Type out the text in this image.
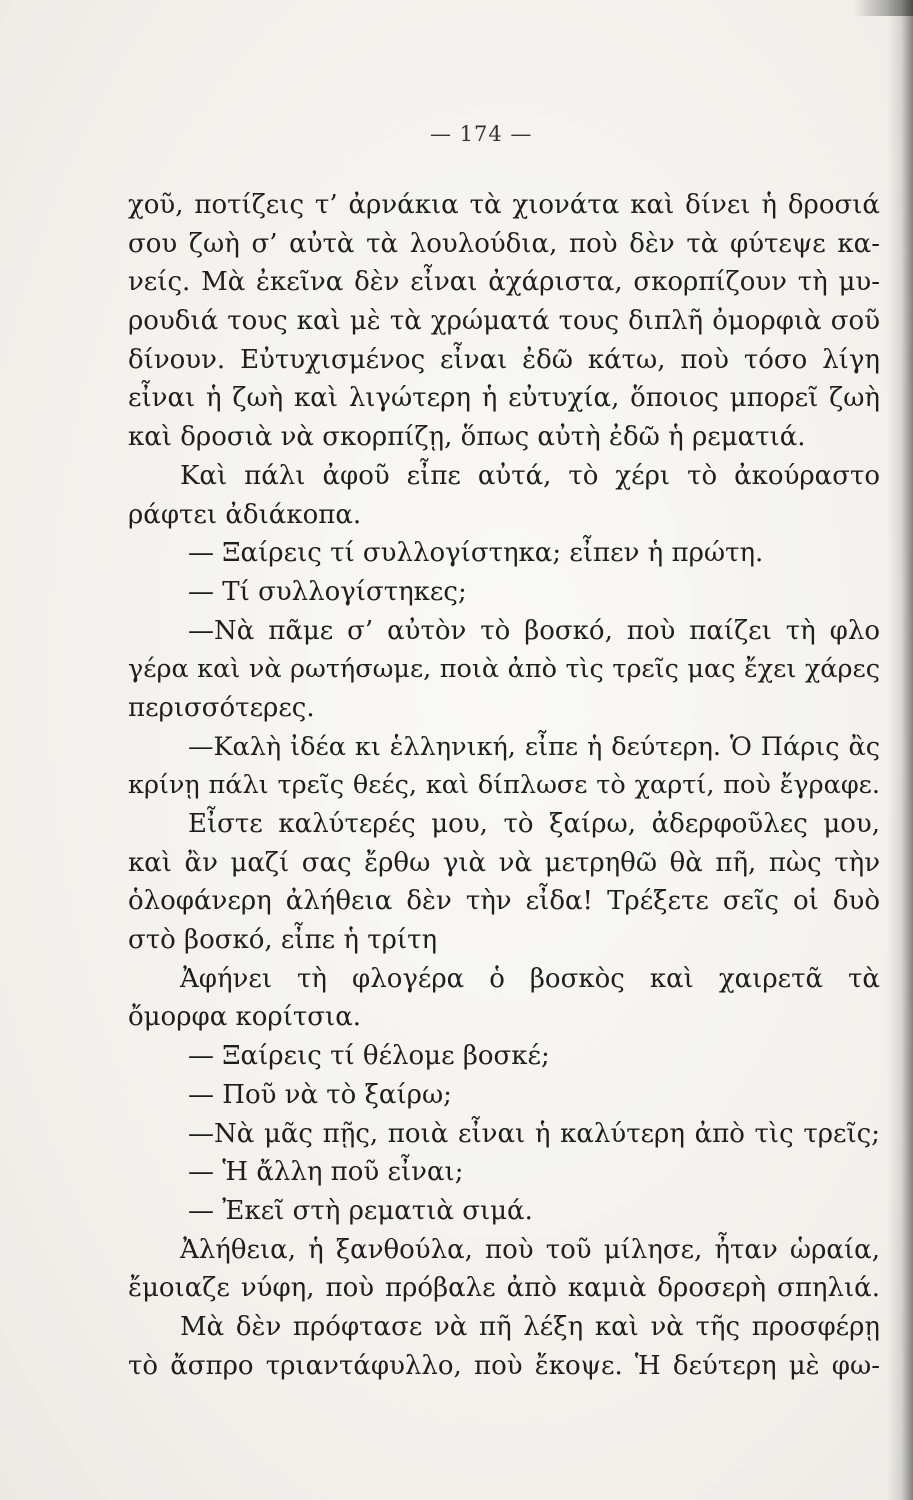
— 174 —
χοῦ, ποτίζεις τ’ ἀρνάκια τὰ χιονάτα καὶ δίνει ἡ δροσιά
σου ζωὴ σ’ αὐτὰ τὰ λουλούδια, ποὺ δὲν τὰ φύτεψε κα-
νείς. Μὰ ἐκεῖνα δὲν εἶναι ἀχάριστα, σκορπίζουν τὴ μυ-
ρουδιά τους καὶ μὲ τὰ χρώματά τους διπλῆ ὀμορφιὰ σοῦ
δίνουν. Εὐτυχισμένος εἶναι ἐδῶ κάτω, ποὺ τόσο λίγη
εἶναι ἡ ζωὴ καὶ λιγώτερη ἡ εὐτυχία, ὅποιος μπορεῖ ζωὴ
καὶ δροσιὰ νὰ σκορπίζῃ, ὅπως αὐτὴ ἐδῶ ἡ ρεματιά.
Καὶ πάλι ἀφοῦ εἶπε αὐτά, τὸ χέρι τὸ ἀκούραστο
ράφτει ἀδιάκοπα.
— Ξαίρεις τί συλλογίστηκα; εἶπεν ἡ πρώτη.
— Τί συλλογίστηκες;
—Νὰ πᾶμε σ’ αὐτὸν τὸ βοσκό, ποὺ παίζει τὴ φλο
γέρα καὶ νὰ ρωτήσωμε, ποιὰ ἀπὸ τὶς τρεῖς μας ἔχει χάρες
περισσότερες.
—Καλὴ ἰδέα κι ἑλληνική, εἶπε ἡ δεύτερη. Ὁ Πάρις ἂς
κρίνῃ πάλι τρεῖς θεές, καὶ δίπλωσε τὸ χαρτί, ποὺ ἔγραφε.
Εἶστε καλύτερές μου, τὸ ξαίρω, ἀδερφοῦλες μου,
καὶ ἂν μαζί σας ἔρθω γιὰ νὰ μετρηθῶ θὰ πῆ, πὼς τὴν
ὁλοφάνερη ἀλήθεια δὲν τὴν εἶδα! Τρέξετε σεῖς οἱ δυὸ
στὸ βοσκό, εἶπε ἡ τρίτη
Ἀφήνει τὴ φλογέρα ὁ βοσκὸς καὶ χαιρετᾶ τὰ
ὄμορφα κορίτσια.
— Ξαίρεις τί θέλομε βοσκέ;
— Ποῦ νὰ τὸ ξαίρω;
—Νὰ μᾶς πῇς, ποιὰ εἶναι ἡ καλύτερη ἀπὸ τὶς τρεῖς;
— Ἡ ἄλλη ποῦ εἶναι;
— Ἐκεῖ στὴ ρεματιὰ σιμά.
Ἀλήθεια, ἡ ξανθούλα, ποὺ τοῦ μίλησε, ἦταν ὡραία,
ἔμοιαζε νύφη, ποὺ πρόβαλε ἀπὸ καμιὰ δροσερὴ σπηλιά.
Μὰ δὲν πρόφτασε νὰ πῆ λέξη καὶ νὰ τῆς προσφέρῃ
τὸ ἄσπρο τριαντάφυλλο, ποὺ ἔκοψε. Ἡ δεύτερη μὲ φω-
